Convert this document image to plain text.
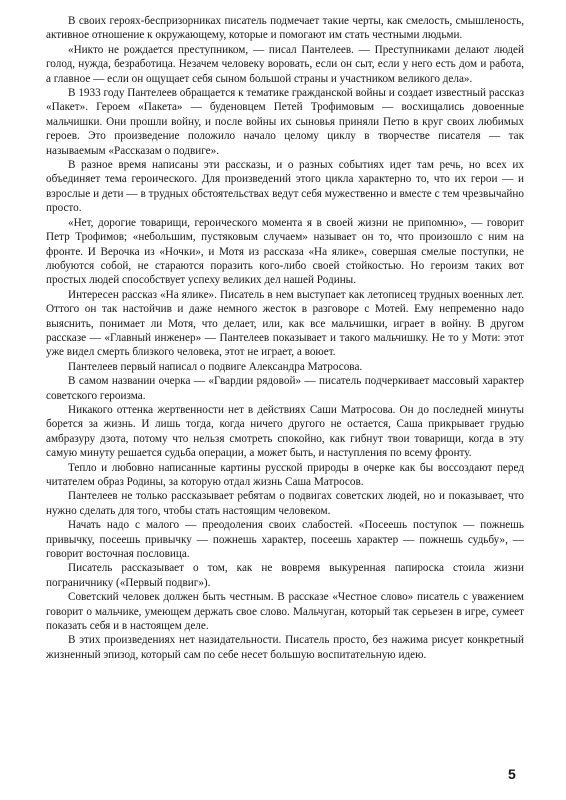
В своих героях-беспризорниках писатель подмечает такие черты, как смелость, смышленость, активное отношение к окружающему, которые и помогают им стать честными людьми.

«Никто не рождается преступником, — писал Пантелеев. — Преступниками делают людей голод, нужда, безработица. Незачем человеку воровать, если он сыт, если у него есть дом и работа, а главное — если он ощущает себя сыном большой страны и участником великого дела».

В 1933 году Пантелеев обращается к тематике гражданской войны и создает известный рассказ «Пакет». Героем «Пакета» — буденовцем Петей Трофимовым — восхищались довоенные мальчишки. Они прошли войну, и после войны их сыновья приняли Петю в круг своих любимых героев. Это произведение положило начало целому циклу в творчестве писателя — так называемым «Рассказам о подвиге».

В разное время написаны эти рассказы, и о разных событиях идет там речь, но всех их объединяет тема героического. Для произведений этого цикла характерно то, что их герои — и взрослые и дети — в трудных обстоятельствах ведут себя мужественно и вместе с тем чрезвычайно просто.

«Нет, дорогие товарищи, героического момента я в своей жизни не припомню», — говорит Петр Трофимов; «небольшим, пустяковым случаем» называет он то, что произошло с ним на фронте. И Верочка из «Ночки», и Мотя из рассказа «На ялике», совершая смелые поступки, не любуются собой, не стараются поразить кого-либо своей стойкостью. Но героизм таких вот простых людей способствует успеху великих дел нашей Родины.

Интересен рассказ «На ялике». Писатель в нем выступает как летописец трудных военных лет. Оттого он так настойчив и даже немного жесток в разговоре с Мотей. Ему непременно надо выяснить, понимает ли Мотя, что делает, или, как все мальчишки, играет в войну. В другом рассказе — «Главный инженер» — Пантелеев показывает и такого мальчишку. Не то у Моти: этот уже видел смерть близкого человека, этот не играет, а воюет.

Пантелеев первый написал о подвиге Александра Матросова.

В самом названии очерка — «Гвардии рядовой» — писатель подчеркивает массовый характер советского героизма.

Никакого оттенка жертвенности нет в действиях Саши Матросова. Он до последней минуты борется за жизнь. И лишь тогда, когда ничего другого не остается, Саша прикрывает грудью амбразуру дзота, потому что нельзя смотреть спокойно, как гибнут твои товарищи, когда в эту самую минуту решается судьба операции, а может быть, и наступления по всему фронту.

Тепло и любовно написанные картины русской природы в очерке как бы воссоздают перед читателем образ Родины, за которую отдал жизнь Саша Матросов.

Пантелеев не только рассказывает ребятам о подвигах советских людей, но и показывает, что нужно сделать для того, чтобы стать настоящим человеком.

Начать надо с малого — преодоления своих слабостей. «Посеешь поступок — пожнешь привычку, посеешь привычку — пожнешь характер, посеешь характер — пожнешь судьбу», — говорит восточная пословица.

Писатель рассказывает о том, как не вовремя выкуренная папироска стоила жизни пограничнику («Первый подвиг»).

Советский человек должен быть честным. В рассказе «Честное слово» писатель с уважением говорит о мальчике, умеющем держать свое слово. Мальчуган, который так серьезен в игре, сумеет показать себя и в настоящем деле.

В этих произведениях нет назидательности. Писатель просто, без нажима рисует конкретный жизненный эпизод, который сам по себе несет большую воспитательную идею.

5
